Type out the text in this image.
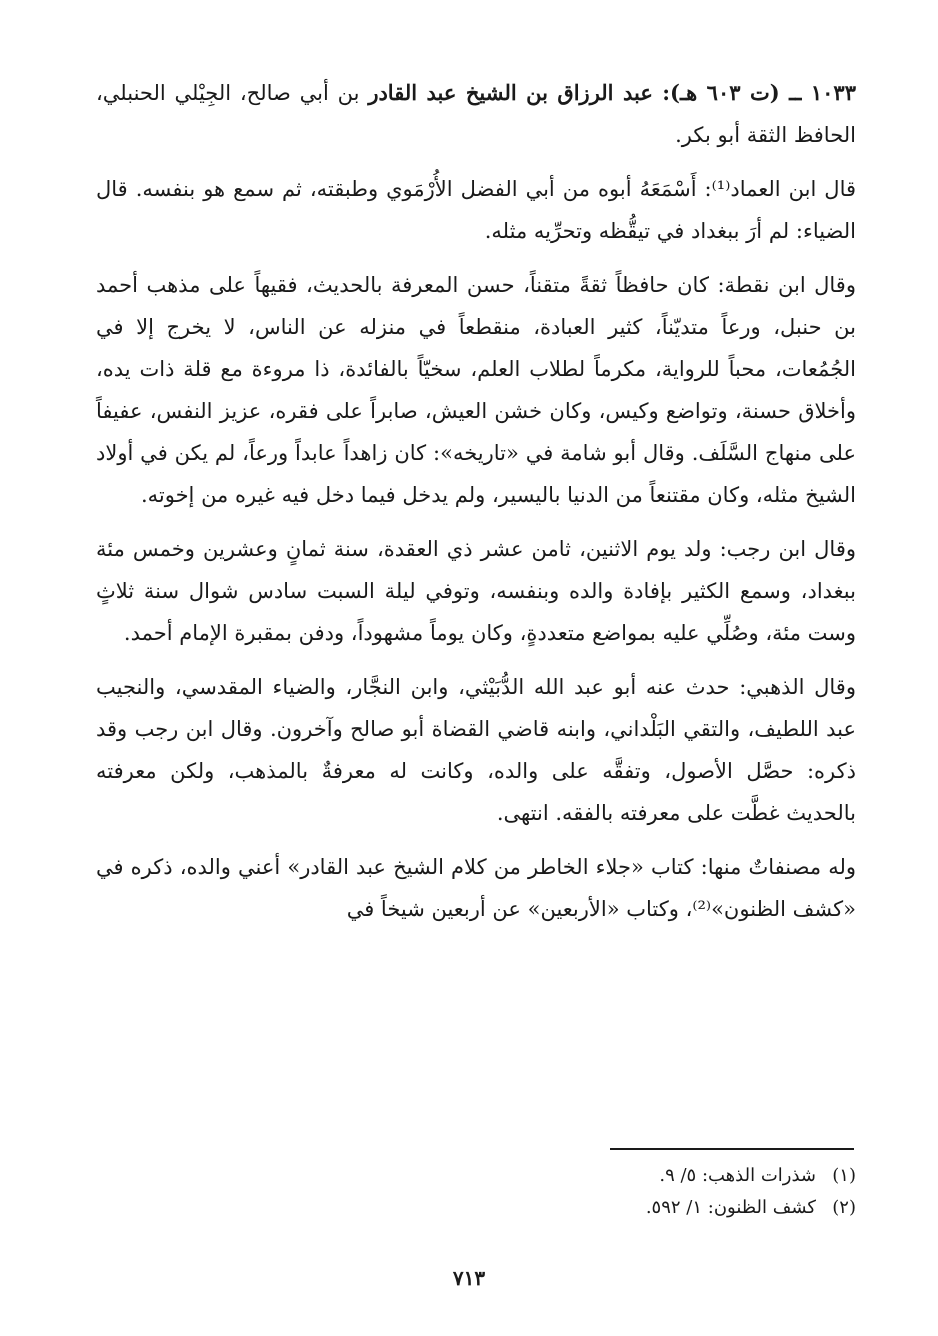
١٠٣٣ ــ (ت ٦٠٣ هـ): عبد الرزاق بن الشيخ عبد القادر بن أبي صالح، الجِيْلي الحنبلي، الحافظ الثقة أبو بكر.

قال ابن العماد⁽¹⁾: أَسْمَعَهُ أبوه من أبي الفضل الأُرْمَوي وطبقته، ثم سمع هو بنفسه. قال الضياء: لم أرَ ببغداد في تيقُّظه وتحرِّيه مثله.

وقال ابن نقطة: كان حافظاً ثقةً متقناً، حسن المعرفة بالحديث، فقيهاً على مذهب أحمد بن حنبل، ورعاً متديّناً، كثير العبادة، منقطعاً في منزله عن الناس، لا يخرج إلا في الجُمُعات، محباً للرواية، مكرماً لطلاب العلم، سخيّاً بالفائدة، ذا مروءة مع قلة ذات يده، وأخلاق حسنة، وتواضع وكيس، وكان خشن العيش، صابراً على فقره، عزيز النفس، عفيفاً على منهاج السَّلَف. وقال أبو شامة في «تاريخه»: كان زاهداً عابداً ورعاً، لم يكن في أولاد الشيخ مثله، وكان مقتنعاً من الدنيا باليسير، ولم يدخل فيما دخل فيه غيره من إخوته.

وقال ابن رجب: ولد يوم الاثنين، ثامن عشر ذي العقدة، سنة ثمانٍ وعشرين وخمس مئة ببغداد، وسمع الكثير بإفادة والده وبنفسه، وتوفي ليلة السبت سادس شوال سنة ثلاثٍ وست مئة، وصُلِّي عليه بمواضع متعددةٍ، وكان يوماً مشهوداً، ودفن بمقبرة الإمام أحمد.

وقال الذهبي: حدث عنه أبو عبد الله الدُّبَيْثي، وابن النجَّار، والضياء المقدسي، والنجيب عبد اللطيف، والتقي البَلْداني، وابنه قاضي القضاة أبو صالح وآخرون. وقال ابن رجب وقد ذكره: حصَّل الأصول، وتفقَّه على والده، وكانت له معرفةٌ بالمذهب، ولكن معرفته بالحديث غطَّت على معرفته بالفقه. انتهى.

وله مصنفاتٌ منها: كتاب «جلاء الخاطر من كلام الشيخ عبد القادر» أعني والده، ذكره في «كشف الظنون»⁽²⁾، وكتاب «الأربعين» عن أربعين شيخاً في

(١)شذرات الذهب: ٥/ ٩.
(٢)كشف الظنون: ١/ ٥٩٢.
٧١٣
